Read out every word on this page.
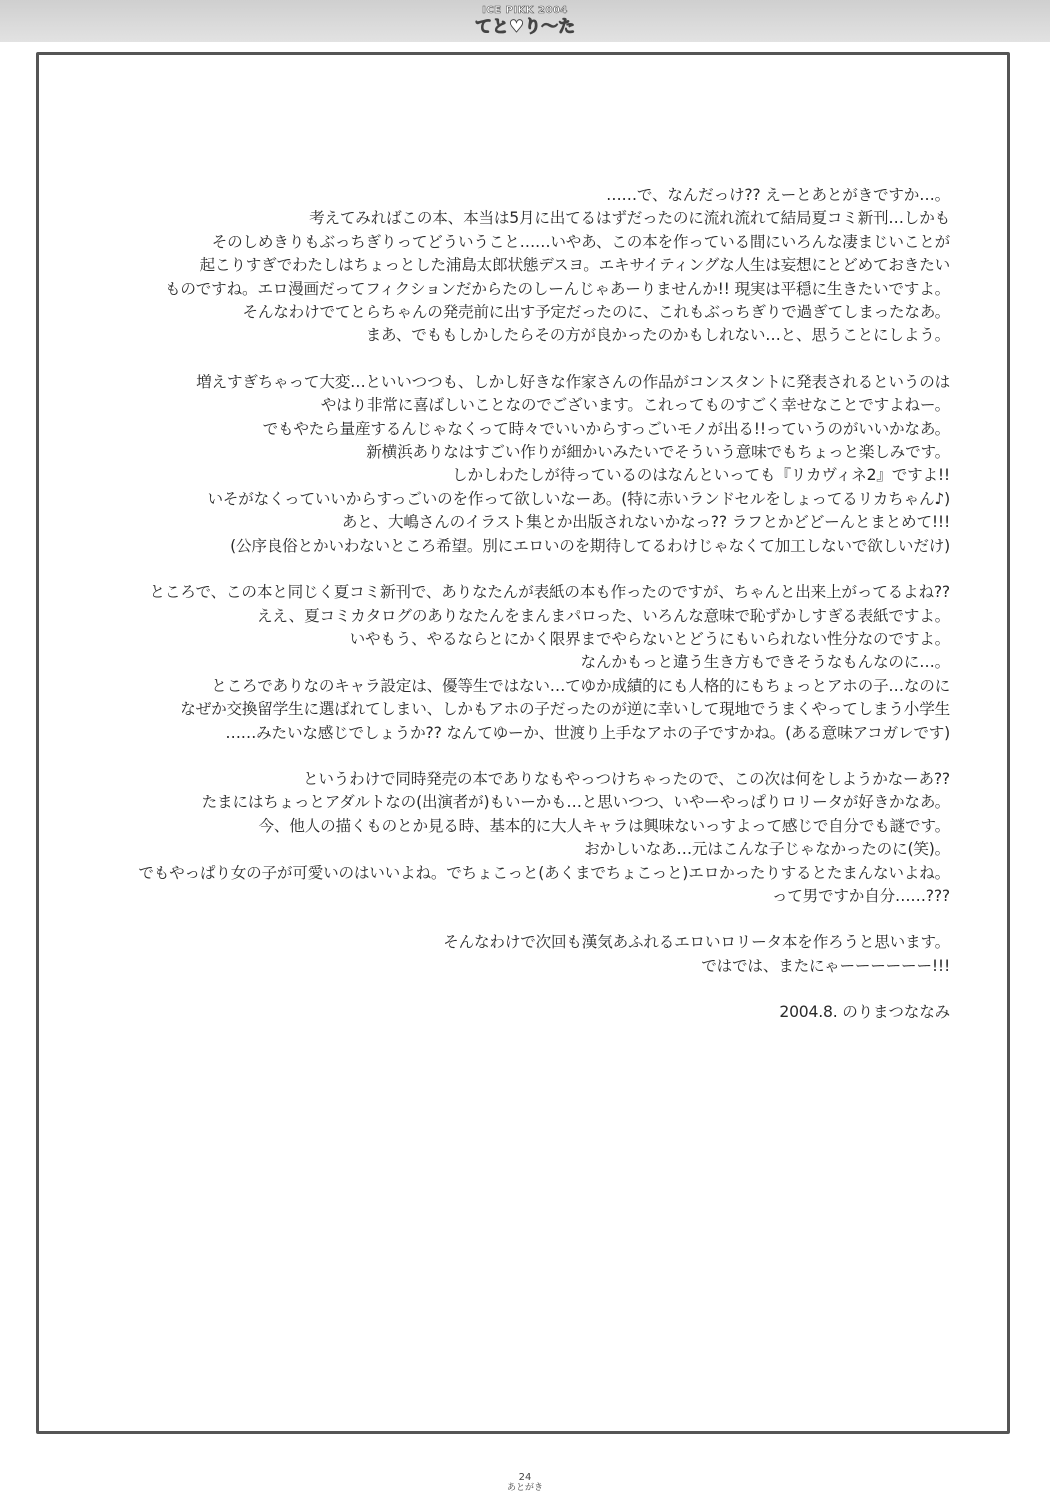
ICE PIKK 2004
てと♥り〜た
……で、なんだっけ?? えーとあとがきですか…。
考えてみればこの本、本当は5月に出てるはずだったのに流れ流れて結局夏コミ新刊…しかも
そのしめきりもぶっちぎりってどういうこと……いやあ、この本を作っている間にいろんな凄まじいことが
起こりすぎでわたしはちょっとした浦島太郎状態デスヨ。エキサイティングな人生は妄想にとどめておきたい
ものですね。エロ漫画だってフィクションだからたのしーんじゃあーりませんか!! 現実は平穏に生きたいですよ。
そんなわけでてとらちゃんの発売前に出す予定だったのに、これもぶっちぎりで過ぎてしまったなあ。
まあ、でももしかしたらその方が良かったのかもしれない…と、思うことにしよう。
増えすぎちゃって大変…といいつつも、しかし好きな作家さんの作品がコンスタントに発表されるというのは
やはり非常に喜ばしいことなのでございます。これってものすごく幸せなことですよねー。
でもやたら量産するんじゃなくって時々でいいからすっごいモノが出る!!っていうのがいいかなあ。
新横浜ありなはすごい作りが細かいみたいでそういう意味でもちょっと楽しみです。
しかしわたしが待っているのはなんといっても『リカヴィネ2』ですよ!!
いそがなくっていいからすっごいのを作って欲しいなーあ。(特に赤いランドセルをしょってるリカちゃん♪)
あと、大嶋さんのイラスト集とか出版されないかなっ?? ラフとかどどーんとまとめて!!!
(公序良俗とかいわないところ希望。別にエロいのを期待してるわけじゃなくて加工しないで欲しいだけ)
ところで、この本と同じく夏コミ新刊で、ありなたんが表紙の本も作ったのですが、ちゃんと出来上がってるよね??
ええ、夏コミカタログのありなたんをまんまパロった、いろんな意味で恥ずかしすぎる表紙ですよ。
いやもう、やるならとにかく限界までやらないとどうにもいられない性分なのですよ。
なんかもっと違う生き方もできそうなもんなのに…。
ところでありなのキャラ設定は、優等生ではない…てゆか成績的にも人格的にもちょっとアホの子…なのに
なぜか交換留学生に選ばれてしまい、しかもアホの子だったのが逆に幸いして現地でうまくやってしまう小学生
……みたいな感じでしょうか?? なんてゆーか、世渡り上手なアホの子ですかね。(ある意味アコガレです)
というわけで同時発売の本でありなもやっつけちゃったので、この次は何をしようかなーあ??
たまにはちょっとアダルトなの(出演者が)もいーかも…と思いつつ、いやーやっぱりロリータが好きかなあ。
今、他人の描くものとか見る時、基本的に大人キャラは興味ないっすよって感じで自分でも謎です。
おかしいなあ…元はこんな子じゃなかったのに(笑)。
でもやっぱり女の子が可愛いのはいいよね。でちょこっと(あくまでちょこっと)エロかったりするとたまんないよね。
って男ですか自分……???
そんなわけで次回も漢気あふれるエロいロリータ本を作ろうと思います。
ではでは、またにゃーーーーーー!!!
2004.8. のりまつななみ
24
あとがき
